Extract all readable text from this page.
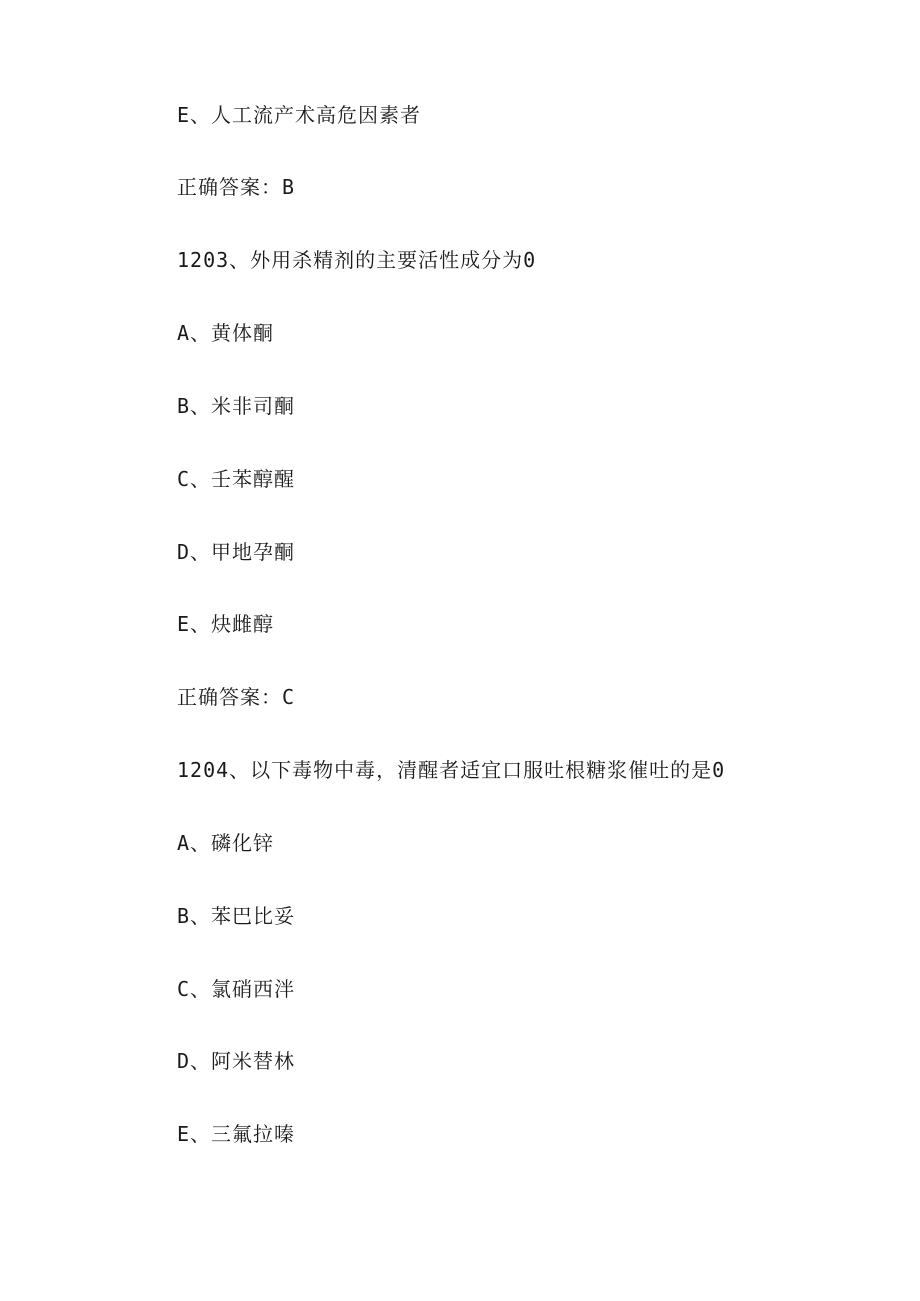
E、人工流产术高危因素者

正确答案：B

1203、外用杀精剂的主要活性成分为0

A、黄体酮

B、米非司酮

C、壬苯醇醒

D、甲地孕酮

E、炔雌醇

正确答案：C

1204、以下毒物中毒，清醒者适宜口服吐根糖浆催吐的是0

A、磷化锌

B、苯巴比妥

C、氯硝西泮

D、阿米替林

E、三氟拉嗪
